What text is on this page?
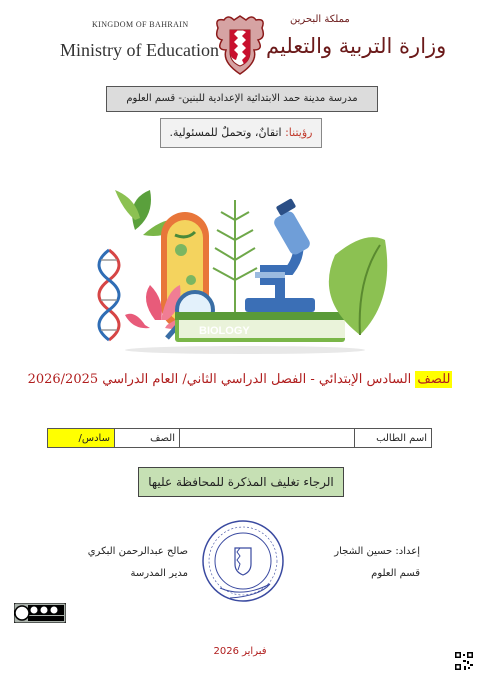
KINGDOM OF BAHRAIN
Ministry of Education
مملكة البحرين
وزارة التربية والتعليم
مدرسة مدينة حمد الابتدائية الإعدادية للبنين- قسم العلوم
رؤيتنا: اتقانٌ، وتحملٌ للمسئولية.
BIOLOGY
للصف السادس الإبتدائي - الفصل الدراسي الثاني/ العام الدراسي 2026/2025
اسم الطالب		الصف	سادس/
الرجاء تغليف المذكرة للمحافظة عليها
إعداد: حسين الشجار
قسم العلوم
صالح عبدالرحمن البكري
مدير المدرسة
فبراير 2026
